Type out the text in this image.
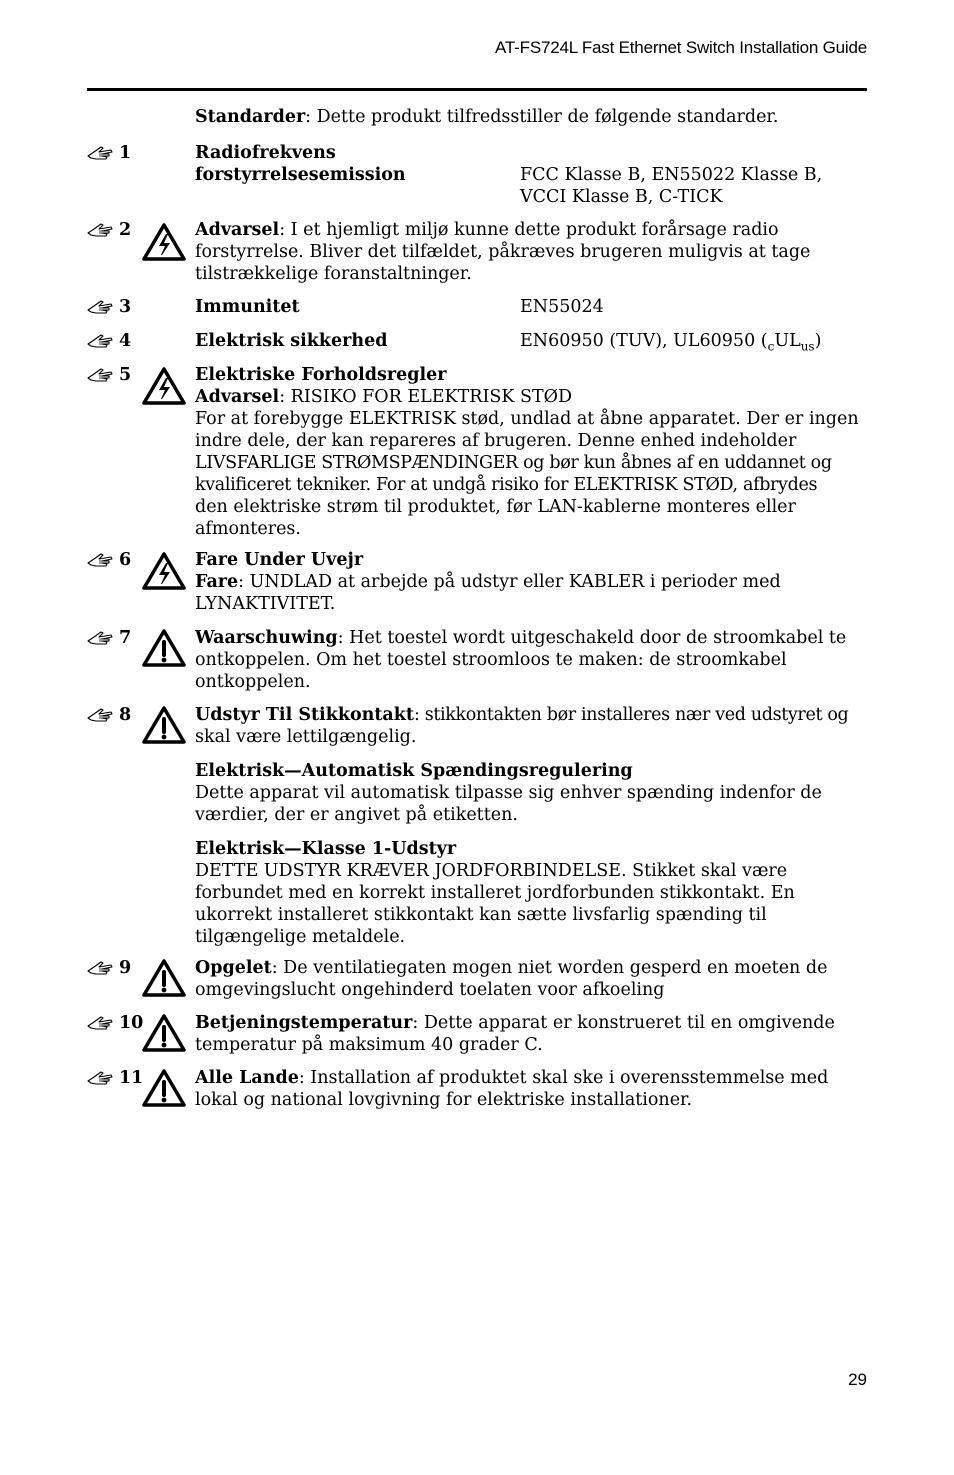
AT-FS724L Fast Ethernet Switch Installation Guide
Standarder: Dette produkt tilfredsstiller de følgende standarder.
1	Radiofrekvens
forstyrrelsesemission	FCC Klasse B, EN55022 Klasse B,
VCCI Klasse B, C-TICK
2	Advarsel: I et hjemligt miljø kunne dette produkt forårsage radio
forstyrrelse. Bliver det tilfældet, påkræves brugeren muligvis at tage
tilstrækkelige foranstaltninger.
3	Immunitet	EN55024
4	Elektrisk sikkerhed	EN60950 (TUV), UL60950 $(_cUL_{us})$
5	Elektriske Forholdsregler
Advarsel: RISIKO FOR ELEKTRISK STØD
For at forebygge ELEKTRISK stød, undlad at åbne apparatet. Der er ingen
indre dele, der kan repareres af brugeren. Denne enhed indeholder
LIVSFARLIGE STRØMSPÆNDINGER og bør kun åbnes af en uddannet og
kvalificeret tekniker. For at undgå risiko for ELEKTRISK STØD, afbrydes
den elektriske strøm til produktet, før LAN-kablerne monteres eller
afmonteres.
6	Fare Under Uvejr
Fare: UNDLAD at arbejde på udstyr eller KABLER i perioder med
LYNAKTIVITET.
7	Waarschuwing: Het toestel wordt uitgeschakeld door de stroomkabel te
ontkoppelen. Om het toestel stroomloos te maken: de stroomkabel
ontkoppelen.
8	Udstyr Til Stikkontakt: stikkontakten bør installeres nær ved udstyret og
skal være lettilgængelig.
Elektrisk—Automatisk Spændingsregulering
Dette apparat vil automatisk tilpasse sig enhver spænding indenfor de
værdier, der er angivet på etiketten.
Elektrisk—Klasse 1-Udstyr
DETTE UDSTYR KRÆVER JORDFORBINDELSE. Stikket skal være
forbundet med en korrekt installeret jordforbunden stikkontakt. En
ukorrekt installeret stikkontakt kan sætte livsfarlig spænding til
tilgængelige metaldele.
9	Opgelet: De ventilatiegaten mogen niet worden gesperd en moeten de
omgevingslucht ongehinderd toelaten voor afkoeling
10	Betjeningstemperatur: Dette apparat er konstrueret til en omgivende
temperatur på maksimum 40 grader C.
11	Alle Lande: Installation af produktet skal ske i overensstemmelse med
lokal og national lovgivning for elektriske installationer.
29
